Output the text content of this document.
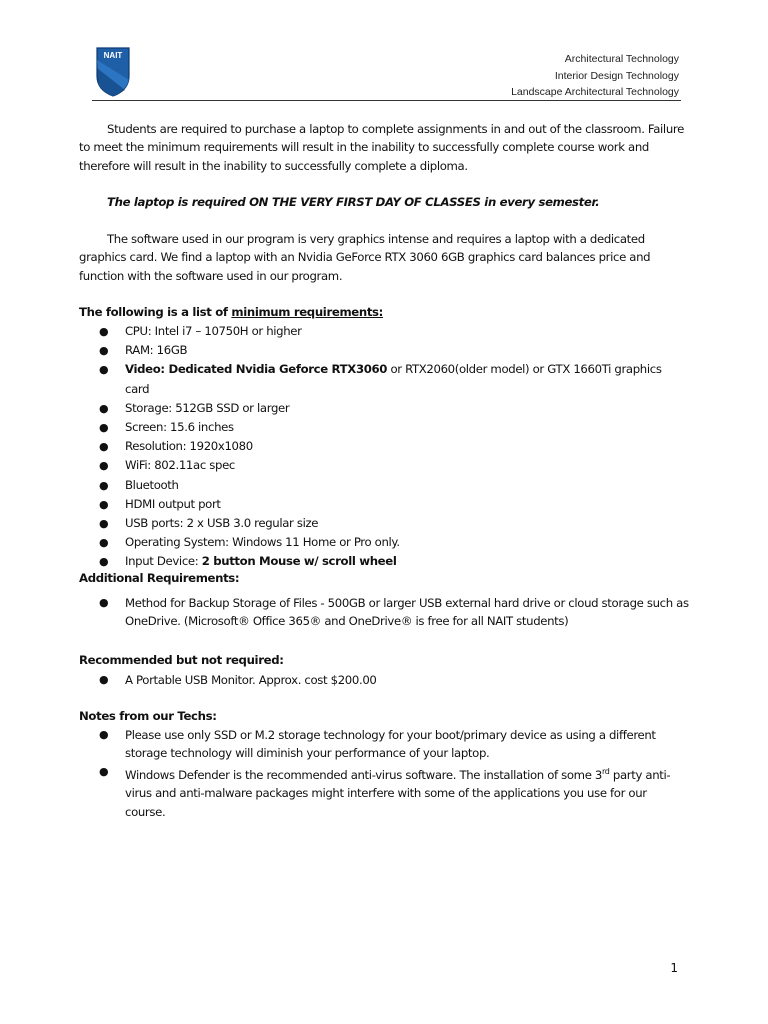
NAIT	Architectural Technology
Interior Design Technology
Landscape Architectural Technology
Students are required to purchase a laptop to complete assignments in and out of the classroom. Failure to meet the minimum requirements will result in the inability to successfully complete course work and therefore will result in the inability to successfully complete a diploma.
The laptop is required ON THE VERY FIRST DAY OF CLASSES in every semester.
The software used in our program is very graphics intense and requires a laptop with a dedicated graphics card. We find a laptop with an Nvidia GeForce RTX 3060 6GB graphics card balances price and function with the software used in our program.
The following is a list of minimum requirements:
● CPU: Intel i7 – 10750H or higher
● RAM: 16GB
● Video: Dedicated Nvidia Geforce RTX3060 or RTX2060(older model) or GTX 1660Ti graphics card
● Storage: 512GB SSD or larger
● Screen: 15.6 inches
● Resolution: 1920x1080
● WiFi: 802.11ac spec
● Bluetooth
● HDMI output port
● USB ports: 2 x USB 3.0 regular size
● Operating System: Windows 11 Home or Pro only.
● Input Device: 2 button Mouse w/ scroll wheel
Additional Requirements:
● Method for Backup Storage of Files - 500GB or larger USB external hard drive or cloud storage such as OneDrive. (Microsoft® Office 365® and OneDrive® is free for all NAIT students)
Recommended but not required:
● A Portable USB Monitor. Approx. cost $200.00
Notes from our Techs:
● Please use only SSD or M.2 storage technology for your boot/primary device as using a different storage technology will diminish your performance of your laptop.
● Windows Defender is the recommended anti-virus software. The installation of some 3rd party anti-virus and anti-malware packages might interfere with some of the applications you use for our course.
1
